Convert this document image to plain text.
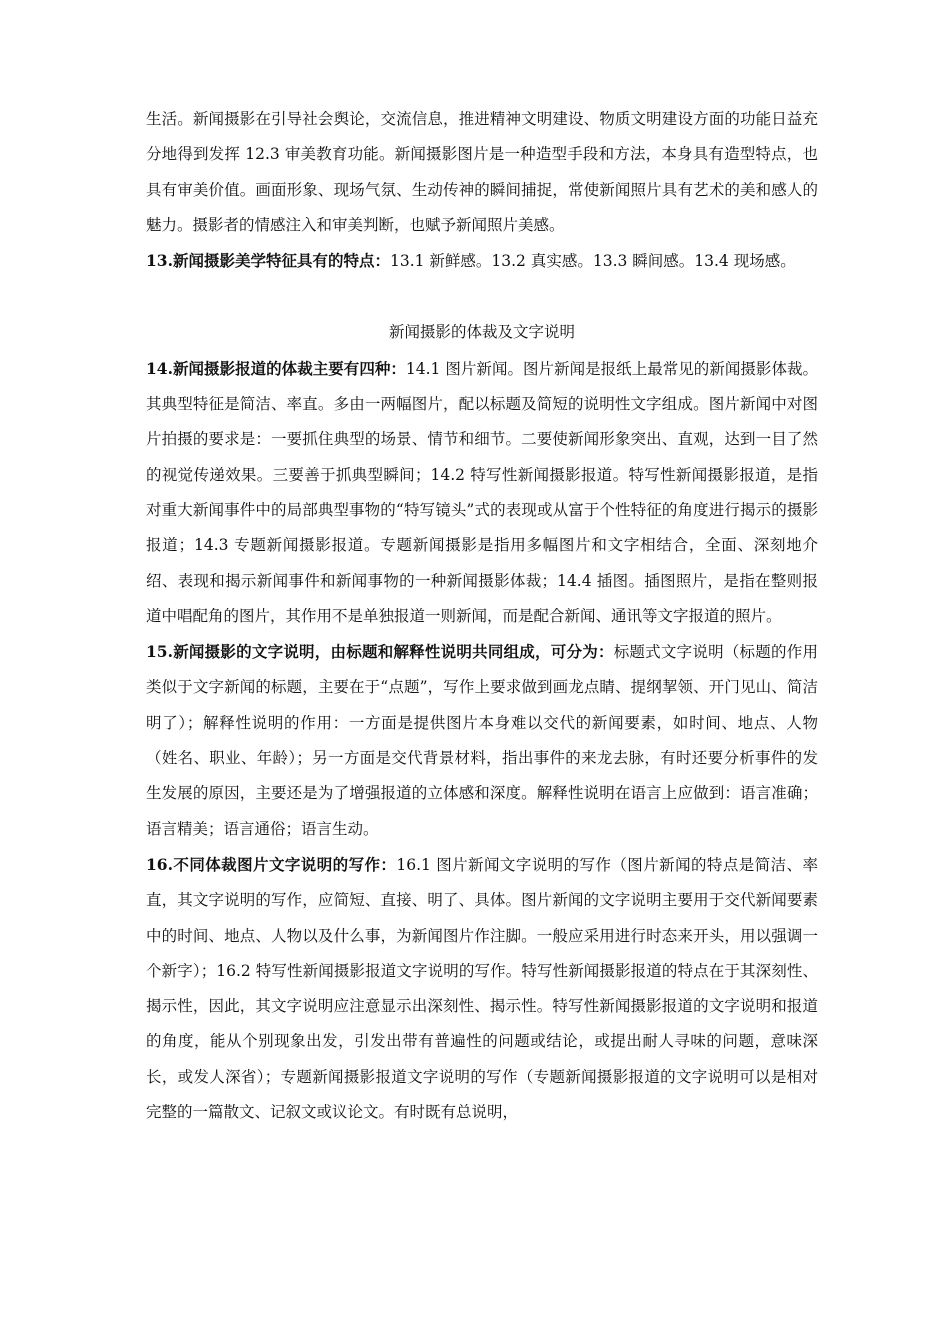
生活。新闻摄影在引导社会舆论，交流信息，推进精神文明建设、物质文明建设方面的功能日益充分地得到发挥 12.3 审美教育功能。新闻摄影图片是一种造型手段和方法，本身具有造型特点，也具有审美价值。画面形象、现场气氛、生动传神的瞬间捕捉，常使新闻照片具有艺术的美和感人的魅力。摄影者的情感注入和审美判断，也赋予新闻照片美感。

13.新闻摄影美学特征具有的特点：13.1 新鲜感。13.2 真实感。13.3 瞬间感。13.4 现场感。

新闻摄影的体裁及文字说明

14.新闻摄影报道的体裁主要有四种：14.1 图片新闻。图片新闻是报纸上最常见的新闻摄影体裁。其典型特征是简洁、率直。多由一两幅图片，配以标题及简短的说明性文字组成。图片新闻中对图片拍摄的要求是：一要抓住典型的场景、情节和细节。二要使新闻形象突出、直观，达到一目了然的视觉传递效果。三要善于抓典型瞬间；14.2 特写性新闻摄影报道。特写性新闻摄影报道，是指对重大新闻事件中的局部典型事物的“特写镜头”式的表现或从富于个性特征的角度进行揭示的摄影报道；14.3 专题新闻摄影报道。专题新闻摄影是指用多幅图片和文字相结合，全面、深刻地介绍、表现和揭示新闻事件和新闻事物的一种新闻摄影体裁；14.4 插图。插图照片，是指在整则报道中唱配角的图片，其作用不是单独报道一则新闻，而是配合新闻、通讯等文字报道的照片。

15.新闻摄影的文字说明，由标题和解释性说明共同组成，可分为：标题式文字说明（标题的作用类似于文字新闻的标题，主要在于“点题”，写作上要求做到画龙点睛、提纲挈领、开门见山、简洁明了）；解释性说明的作用：一方面是提供图片本身难以交代的新闻要素，如时间、地点、人物（姓名、职业、年龄）；另一方面是交代背景材料，指出事件的来龙去脉，有时还要分析事件的发生发展的原因，主要还是为了增强报道的立体感和深度。解释性说明在语言上应做到：语言准确；语言精美；语言通俗；语言生动。

16.不同体裁图片文字说明的写作：16.1 图片新闻文字说明的写作（图片新闻的特点是简洁、率直，其文字说明的写作，应简短、直接、明了、具体。图片新闻的文字说明主要用于交代新闻要素中的时间、地点、人物以及什么事，为新闻图片作注脚。一般应采用进行时态来开头，用以强调一个新字）；16.2 特写性新闻摄影报道文字说明的写作。特写性新闻摄影报道的特点在于其深刻性、揭示性，因此，其文字说明应注意显示出深刻性、揭示性。特写性新闻摄影报道的文字说明和报道的角度，能从个别现象出发，引发出带有普遍性的问题或结论，或提出耐人寻味的问题，意味深长，或发人深省）；专题新闻摄影报道文字说明的写作（专题新闻摄影报道的文字说明可以是相对完整的一篇散文、记叙文或议论文。有时既有总说明，
